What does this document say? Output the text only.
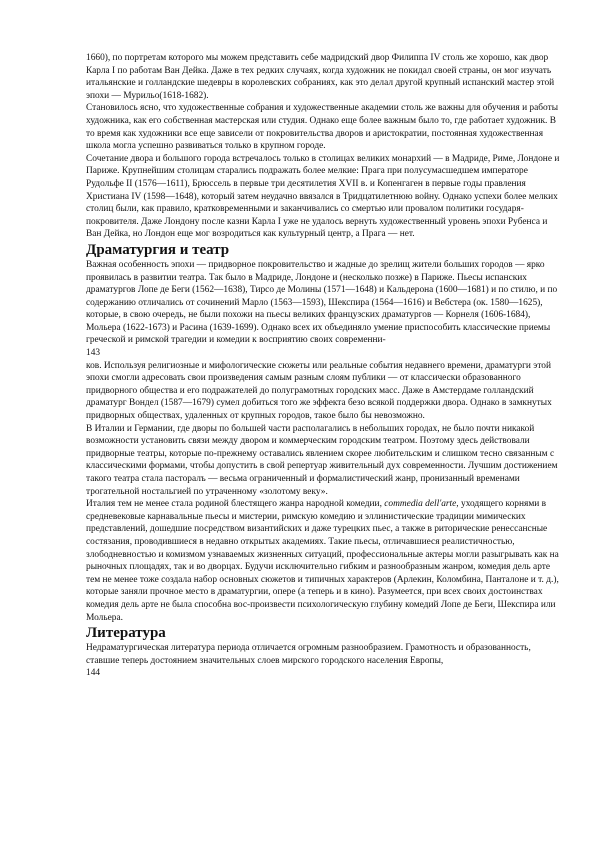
1660), по портретам которого мы можем представить себе мадридский двор Филиппа IV столь же хорошо, как двор Карла I по работам Ван Дейка. Даже в тех редких случаях, когда художник не покидал своей страны, он мог изучать итальянские и голландские шедевры в королевских собраниях, как это делал другой крупный испанский мастер этой эпохи — Мурильо(1618-1682).

Становилось ясно, что художественные собрания и художественные академии столь же важны для обучения и работы художника, как его собственная мастерская или студия. Однако еще более важным было то, где работает художник. В то время как художники все еще зависели от покровительства дворов и аристократии, постоянная художественная школа могла успешно развиваться только в крупном городе.

Сочетание двора и большого города встречалось только в столицах великих монархий — в Мадриде, Риме, Лондоне и Париже. Крупнейшим столицам старались подражать более мелкие: Прага при полусумасшедшем императоре Рудольфе II (1576—1611), Брюссель в первые три десятилетия XVII в. и Копенгаген в первые годы правления Христиана IV (1598—1648), который затем неудачно ввязался в Тридцатилетнюю войну. Однако успехи более мелких столиц были, как правило, кратковременными и заканчивались со смертью или провалом политики государя-покровителя. Даже Лондону после казни Карла I уже не удалось вернуть художественный уровень эпохи Рубенса и Ван Дейка, но Лондон еще мог возродиться как культурный центр, а Прага — нет.

Драматургия и театр

Важная особенность эпохи — придворное покровительство и жадные до зрелищ жители больших городов — ярко проявилась в развитии театра. Так было в Мадриде, Лондоне и (несколько позже) в Париже. Пьесы испанских драматургов Лопе де Беги (1562—1638), Тирсо де Молины (1571—1648) и Кальдерона (1600—1681) и по стилю, и по содержанию отличались от сочинений Марло (1563—1593), Шекспира (1564—1616) и Вебстера (ок. 1580—1625), которые, в свою очередь, не были похожи на пьесы великих французских драматургов — Корнеля (1606-1684), Мольера (1622-1673) и Расина (1639-1699). Однако всех их объединяло умение приспособить классические приемы греческой и римской трагедии и комедии к восприятию своих современни-

143

ков. Используя религиозные и мифологические сюжеты или реальные события недавнего времени, драматурги этой эпохи смогли адресовать свои произведения самым разным слоям публики — от классически образованного придворного общества и его подражателей до полуграмотных городских масс. Даже в Амстердаме голландский драматург Вондел (1587—1679) сумел добиться того же эффекта безо всякой поддержки двора. Однако в замкнутых придворных обществах, удаленных от крупных городов, такое было бы невозможно.

В Италии и Германии, где дворы по большей части располагались в небольших городах, не было почти никакой возможности установить связи между двором и коммерческим городским театром. Поэтому здесь действовали придворные театры, которые по-прежнему оставались явлением скорее любительским и слишком тесно связанным с классическими формами, чтобы допустить в свой репертуар живительный дух современности. Лучшим достижением такого театра стала пасторалъ — весьма ограниченный и формалистический жанр, пронизанный временами трогательной ностальгией по утраченному «золотому веку».

Италия тем не менее стала родиной блестящего жанра народной комедии, commedia dell'arte, уходящего корнями в средневековые карнавальные пьесы и мистерии, римскую комедию и эллинистические традиции мимических представлений, дошедшие посредством византийских и даже турецких пьес, а также в риторические ренессансные состязания, проводившиеся в недавно открытых академиях. Такие пьесы, отличавшиеся реалистичностью, злободневностью и комизмом узнаваемых жизненных ситуаций, профессиональные актеры могли разыгрывать как на рыночных площадях, так и во дворцах. Будучи исключительно гибким и разнообразным жанром, комедия дель арте тем не менее тоже создала набор основных сюжетов и типичных характеров (Арлекин, Коломбина, Панталоне и т. д.), которые заняли прочное место в драматургии, опере (а теперь и в кино). Разумеется, при всех своих достоинствах комедия дель арте не была способна вос-произвести психологическую глубину комедий Лопе де Беги, Шекспира или Мольера.

Литература

Недраматургическая литература периода отличается огромным разнообразием. Грамотность и образованность, ставшие теперь достоянием значительных слоев мирского городского населения Европы,

144
